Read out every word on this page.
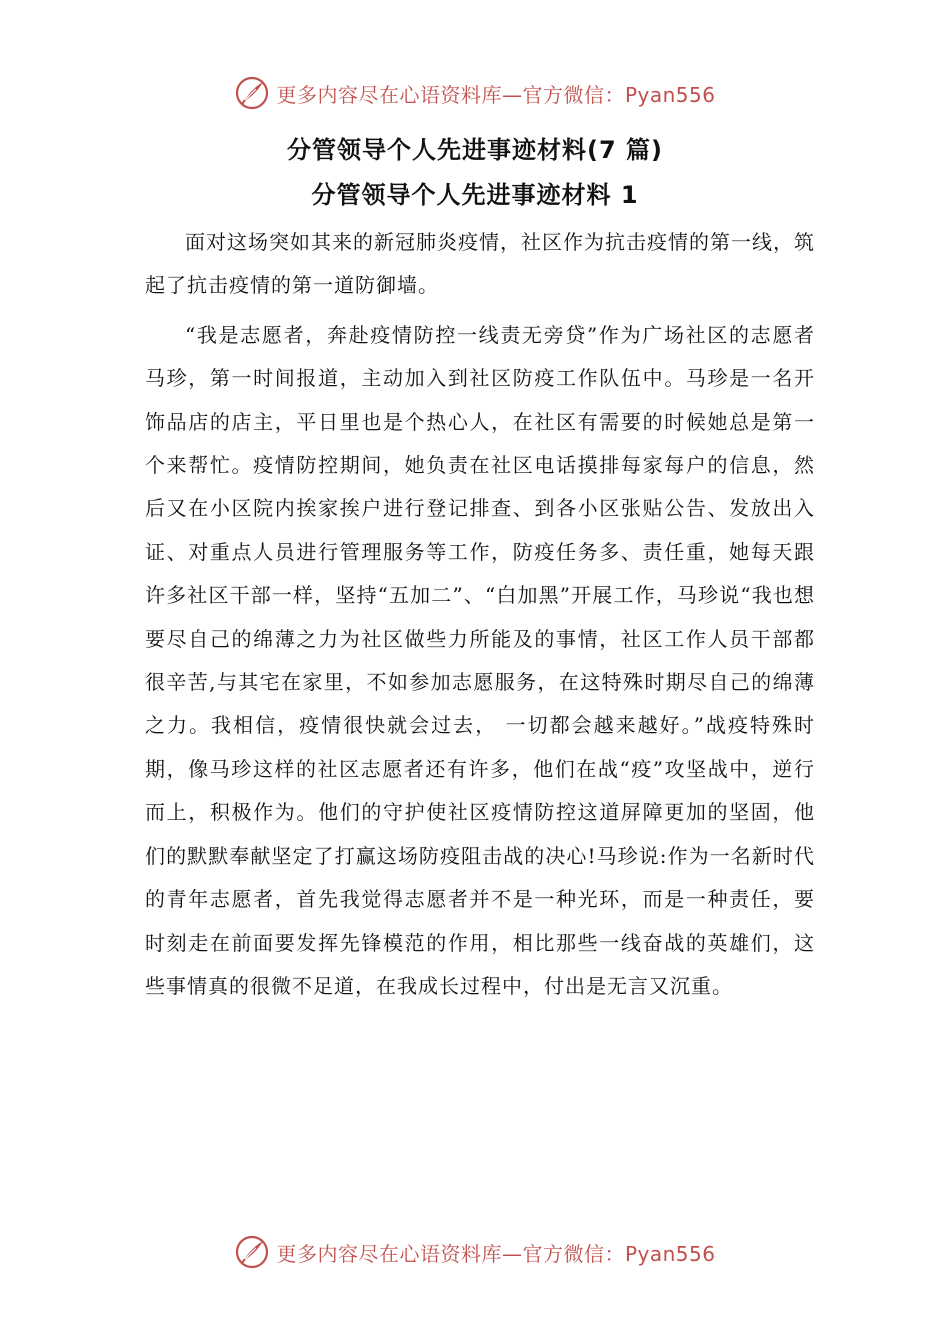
更多内容尽在心语资料库—官方微信：Pyan556
分管领导个人先进事迹材料(7 篇)
分管领导个人先进事迹材料 1

面对这场突如其来的新冠肺炎疫情，社区作为抗击疫情的第一线，筑起了抗击疫情的第一道防御墙。

“我是志愿者，奔赴疫情防控一线责无旁贷”作为广场社区的志愿者马珍，第一时间报道，主动加入到社区防疫工作队伍中。马珍是一名开饰品店的店主，平日里也是个热心人，在社区有需要的时候她总是第一个来帮忙。疫情防控期间，她负责在社区电话摸排每家每户的信息，然后又在小区院内挨家挨户进行登记排查、到各小区张贴公告、发放出入证、对重点人员进行管理服务等工作，防疫任务多、责任重，她每天跟许多社区干部一样，坚持“五加二”、“白加黑”开展工作，马珍说“我也想要尽自己的绵薄之力为社区做些力所能及的事情，社区工作人员干部都很辛苦,与其宅在家里，不如参加志愿服务，在这特殊时期尽自己的绵薄之力。我相信，疫情很快就会过去， 一切都会越来越好。”战疫特殊时期，像马珍这样的社区志愿者还有许多，他们在战“疫”攻坚战中，逆行而上，积极作为。他们的守护使社区疫情防控这道屏障更加的坚固，他们的默默奉献坚定了打赢这场防疫阻击战的决心!马珍说:作为一名新时代的青年志愿者，首先我觉得志愿者并不是一种光环，而是一种责任，要时刻走在前面要发挥先锋模范的作用，相比那些一线奋战的英雄们，这些事情真的很微不足道，在我成长过程中，付出是无言又沉重。

更多内容尽在心语资料库—官方微信：Pyan556
